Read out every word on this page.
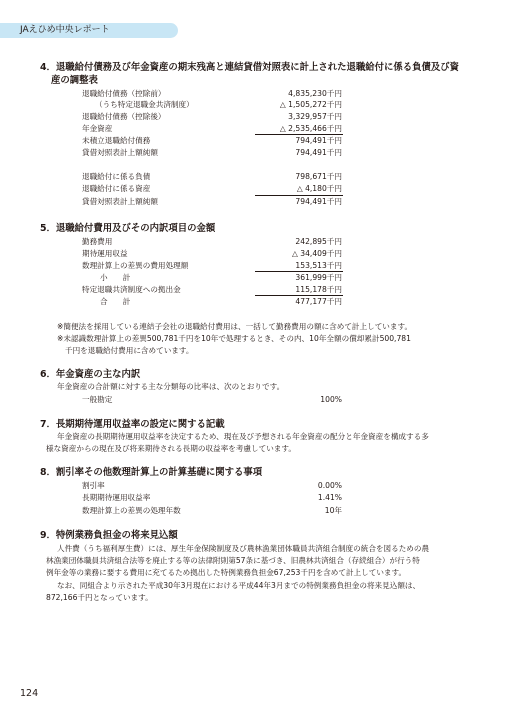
JAえひめ中央レポート
4．退職給付債務及び年金資産の期末残高と連結貸借対照表に計上された退職給付に係る負債及び資
産の調整表
退職給付債務（控除前）	4,835,230千円
（うち特定退職金共済制度）	△ 1,505,272千円
退職給付債務（控除後）	3,329,957千円
年金資産	△ 2,535,466千円
未積立退職給付債務	794,491千円
貸借対照表計上額純額	794,491千円
退職給付に係る負債	798,671千円
退職給付に係る資産	△ 4,180千円
貸借対照表計上額純額	794,491千円
5．退職給付費用及びその内訳項目の金額
勤務費用	242,895千円
期待運用収益	△ 34,409千円
数理計算上の差異の費用処理額	153,513千円
小　　計	361,999千円
特定退職共済制度への拠出金	115,178千円
合　　計	477,177千円
※簡便法を採用している連結子会社の退職給付費用は、一括して勤務費用の額に含めて計上しています。
※未認識数理計算上の差異500,781千円を10年で処理するとき、その内、10年全額の償却累計500,781
千円を退職給付費用に含めています。
6．年金資産の主な内訳
年金資産の合計額に対する主な分類毎の比率は、次のとおりです。
一般勘定	100%
7．長期期待運用収益率の設定に関する記載
年金資産の長期期待運用収益率を決定するため、現在及び予想される年金資産の配分と年金資産を構成する多
様な資産からの現在及び将来期待される長期の収益率を考慮しています。
8．割引率その他数理計算上の計算基礎に関する事項
割引率	0.00%
長期期待運用収益率	1.41%
数理計算上の差異の処理年数	10年
9．特例業務負担金の将来見込額
人件費（うち福利厚生費）には、厚生年金保険制度及び農林漁業団体職員共済組合制度の統合を図るための農
林漁業団体職員共済組合法等を廃止する等の法律附則第57条に基づき、旧農林共済組合（存続組合）が行う特
例年金等の業務に要する費用に充てるため拠出した特例業務負担金67,253千円を含めて計上しています。
なお、同組合より示された平成30年3月現在における平成44年3月までの特例業務負担金の将来見込額は、
872,166千円となっています。
124
